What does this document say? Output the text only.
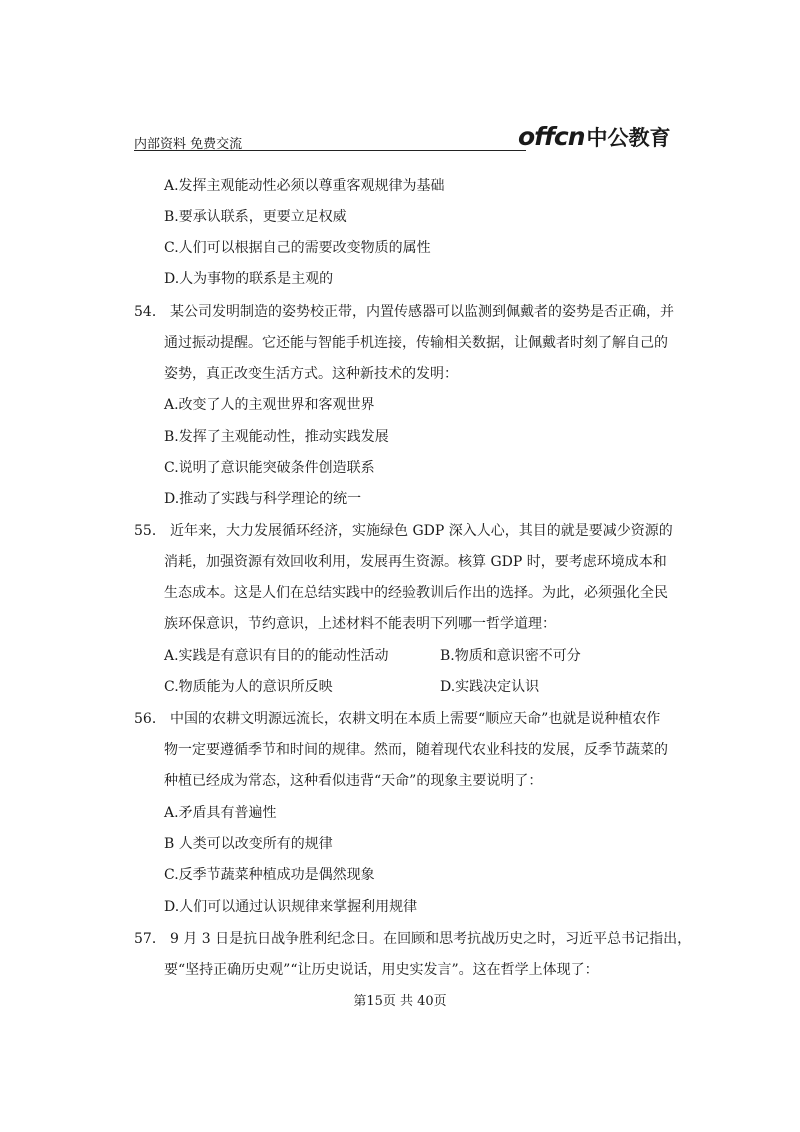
内部资料 免费交流	offcn中公教育
A.发挥主观能动性必须以尊重客观规律为基础
B.要承认联系，更要立足权威
C.人们可以根据自己的需要改变物质的属性
D.人为事物的联系是主观的
54． 某公司发明制造的姿势校正带，内置传感器可以监测到佩戴者的姿势是否正确，并
通过振动提醒。它还能与智能手机连接，传输相关数据，让佩戴者时刻了解自己的
姿势，真正改变生活方式。这种新技术的发明：
A.改变了人的主观世界和客观世界
B.发挥了主观能动性，推动实践发展
C.说明了意识能突破条件创造联系
D.推动了实践与科学理论的统一
55． 近年来，大力发展循环经济，实施绿色 GDP 深入人心，其目的就是要减少资源的
消耗，加强资源有效回收利用，发展再生资源。核算 GDP 时，要考虑环境成本和
生态成本。这是人们在总结实践中的经验教训后作出的选择。为此，必须强化全民
族环保意识，节约意识，上述材料不能表明下列哪一哲学道理：
A.实践是有意识有目的的能动性活动	B.物质和意识密不可分
C.物质能为人的意识所反映	D.实践决定认识
56． 中国的农耕文明源远流长，农耕文明在本质上需要“顺应天命”也就是说种植农作
物一定要遵循季节和时间的规律。然而，随着现代农业科技的发展，反季节蔬菜的
种植已经成为常态，这种看似违背“天命”的现象主要说明了：
A.矛盾具有普遍性
B 人类可以改变所有的规律
C.反季节蔬菜种植成功是偶然现象
D.人们可以通过认识规律来掌握利用规律
57． 9 月 3 日是抗日战争胜利纪念日。在回顾和思考抗战历史之时，习近平总书记指出，
要“坚持正确历史观”“让历史说话，用史实发言”。这在哲学上体现了：
第15页 共 40页
